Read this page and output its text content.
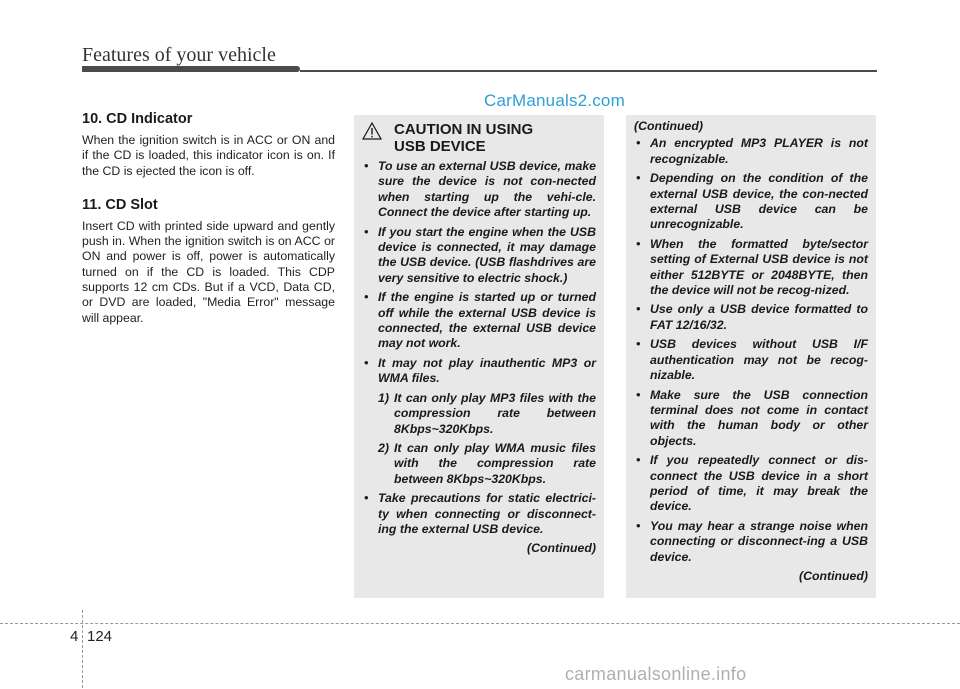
Features of your vehicle
CarManuals2.com
10. CD Indicator
When the ignition switch is in ACC or ON and if the CD is loaded, this indicator icon is on. If the CD is ejected the icon is off.
11. CD Slot
Insert CD with printed side upward and gently push in. When the ignition switch is on ACC or ON and power is off, power is automatically turned on if the CD is loaded. This CDP supports 12 cm CDs. But if a VCD, Data CD, or DVD are loaded, "Media Error" message will appear.
CAUTION IN USING
USB DEVICE
• To use an external USB device, make sure the device is not con-nected when starting up the vehi-cle. Connect the device after starting up.
• If you start the engine when the USB device is connected, it may damage the USB device. (USB flashdrives are very sensitive to electric shock.)
• If the engine is started up or turned off while the external USB device is connected, the external USB device may not work.
• It may not play inauthentic MP3 or WMA files.
1) It can only play MP3 files with the compression rate between 8Kbps~320Kbps.
2) It can only play WMA music files with the compression rate between 8Kbps~320Kbps.
• Take precautions for static electrici-ty when connecting or disconnect-ing the external USB device.
(Continued)
(Continued)
• An encrypted MP3 PLAYER is not recognizable.
• Depending on the condition of the external USB device, the con-nected external USB device can be unrecognizable.
• When the formatted byte/sector setting of External USB device is not either 512BYTE or 2048BYTE, then the device will not be recog-nized.
• Use only a USB device formatted to FAT 12/16/32.
• USB devices without USB I/F authentication may not be recog-nizable.
• Make sure the USB connection terminal does not come in contact with the human body or other objects.
• If you repeatedly connect or dis-connect the USB device in a short period of time, it may break the device.
• You may hear a strange noise when connecting or disconnect-ing a USB device.
(Continued)
4 124
carmanualsonline.info
